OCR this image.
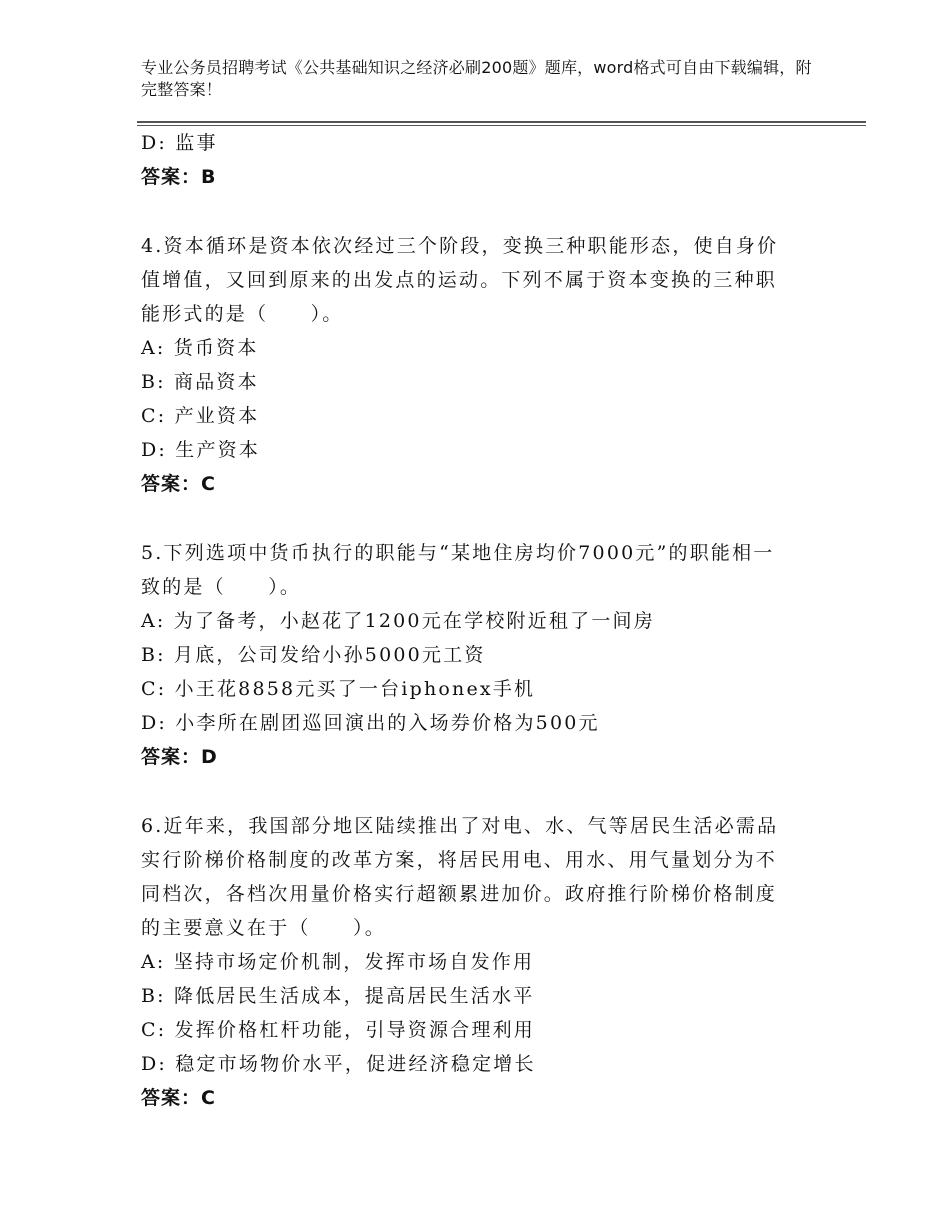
专业公务员招聘考试《公共基础知识之经济必刷200题》题库，word格式可自由下载编辑，附完整答案！
D: 监事
答案：B
4.资本循环是资本依次经过三个阶段，变换三种职能形态，使自身价
值增值，又回到原来的出发点的运动。下列不属于资本变换的三种职
能形式的是（　　）。
A: 货币资本
B: 商品资本
C: 产业资本
D: 生产资本
答案：C
5.下列选项中货币执行的职能与“某地住房均价7000元”的职能相一
致的是（　　）。
A: 为了备考，小赵花了1200元在学校附近租了一间房
B: 月底，公司发给小孙5000元工资
C: 小王花8858元买了一台iphonex手机
D: 小李所在剧团巡回演出的入场券价格为500元
答案：D
6.近年来，我国部分地区陆续推出了对电、水、气等居民生活必需品
实行阶梯价格制度的改革方案，将居民用电、用水、用气量划分为不
同档次，各档次用量价格实行超额累进加价。政府推行阶梯价格制度
的主要意义在于（　　）。
A: 坚持市场定价机制，发挥市场自发作用
B: 降低居民生活成本，提高居民生活水平
C: 发挥价格杠杆功能，引导资源合理利用
D: 稳定市场物价水平，促进经济稳定增长
答案：C
